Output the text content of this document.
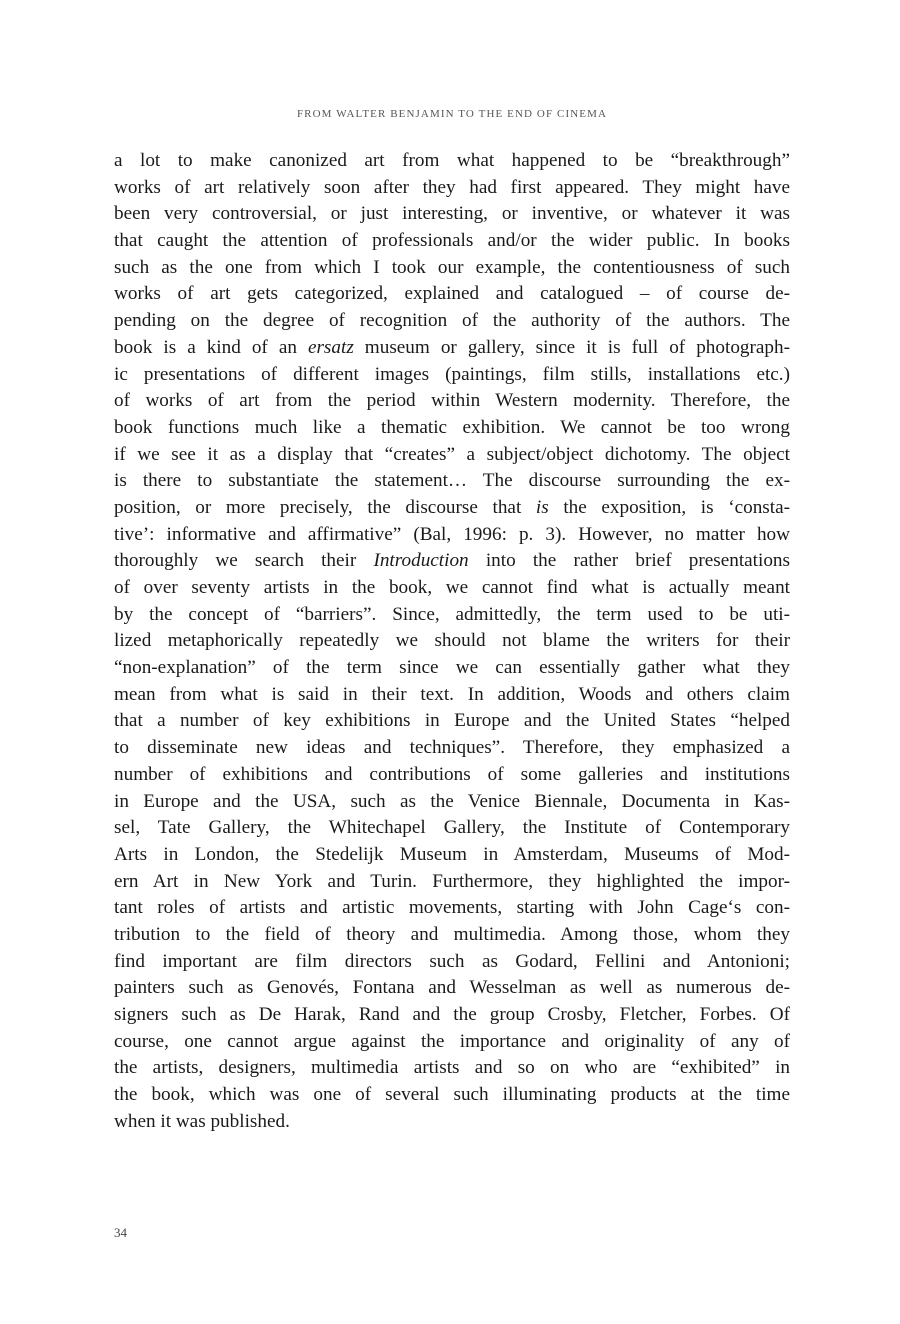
FROM WALTER BENJAMIN TO THE END OF CINEMA
a lot to make canonized art from what happened to be “breakthrough”
works of art relatively soon after they had first appeared. They might have
been very controversial, or just interesting, or inventive, or whatever it was
that caught the attention of professionals and/or the wider public. In books
such as the one from which I took our example, the contentiousness of such
works of art gets categorized, explained and catalogued – of course de-
pending on the degree of recognition of the authority of the authors. The
book is a kind of an ersatz museum or gallery, since it is full of photograph-
ic presentations of different images (paintings, film stills, installations etc.)
of works of art from the period within Western modernity. Therefore, the
book functions much like a thematic exhibition. We cannot be too wrong
if we see it as a display that “creates” a subject/object dichotomy. The object
is there to substantiate the statement… The discourse surrounding the ex-
position, or more precisely, the discourse that is the exposition, is ‘consta-
tive’: informative and affirmative” (Bal, 1996: p. 3). However, no matter how
thoroughly we search their Introduction into the rather brief presentations
of over seventy artists in the book, we cannot find what is actually meant
by the concept of “barriers”. Since, admittedly, the term used to be uti-
lized metaphorically repeatedly we should not blame the writers for their
“non-explanation” of the term since we can essentially gather what they
mean from what is said in their text. In addition, Woods and others claim
that a number of key exhibitions in Europe and the United States “helped
to disseminate new ideas and techniques”. Therefore, they emphasized a
number of exhibitions and contributions of some galleries and institutions
in Europe and the USA, such as the Venice Biennale, Documenta in Kas-
sel, Tate Gallery, the Whitechapel Gallery, the Institute of Contemporary
Arts in London, the Stedelijk Museum in Amsterdam, Museums of Mod-
ern Art in New York and Turin. Furthermore, they highlighted the impor-
tant roles of artists and artistic movements, starting with John Cage‘s con-
tribution to the field of theory and multimedia. Among those, whom they
find important are film directors such as Godard, Fellini and Antonioni;
painters such as Genovés, Fontana and Wesselman as well as numerous de-
signers such as De Harak, Rand and the group Crosby, Fletcher, Forbes. Of
course, one cannot argue against the importance and originality of any of
the artists, designers, multimedia artists and so on who are “exhibited” in
the book, which was one of several such illuminating products at the time
when it was published.
34
